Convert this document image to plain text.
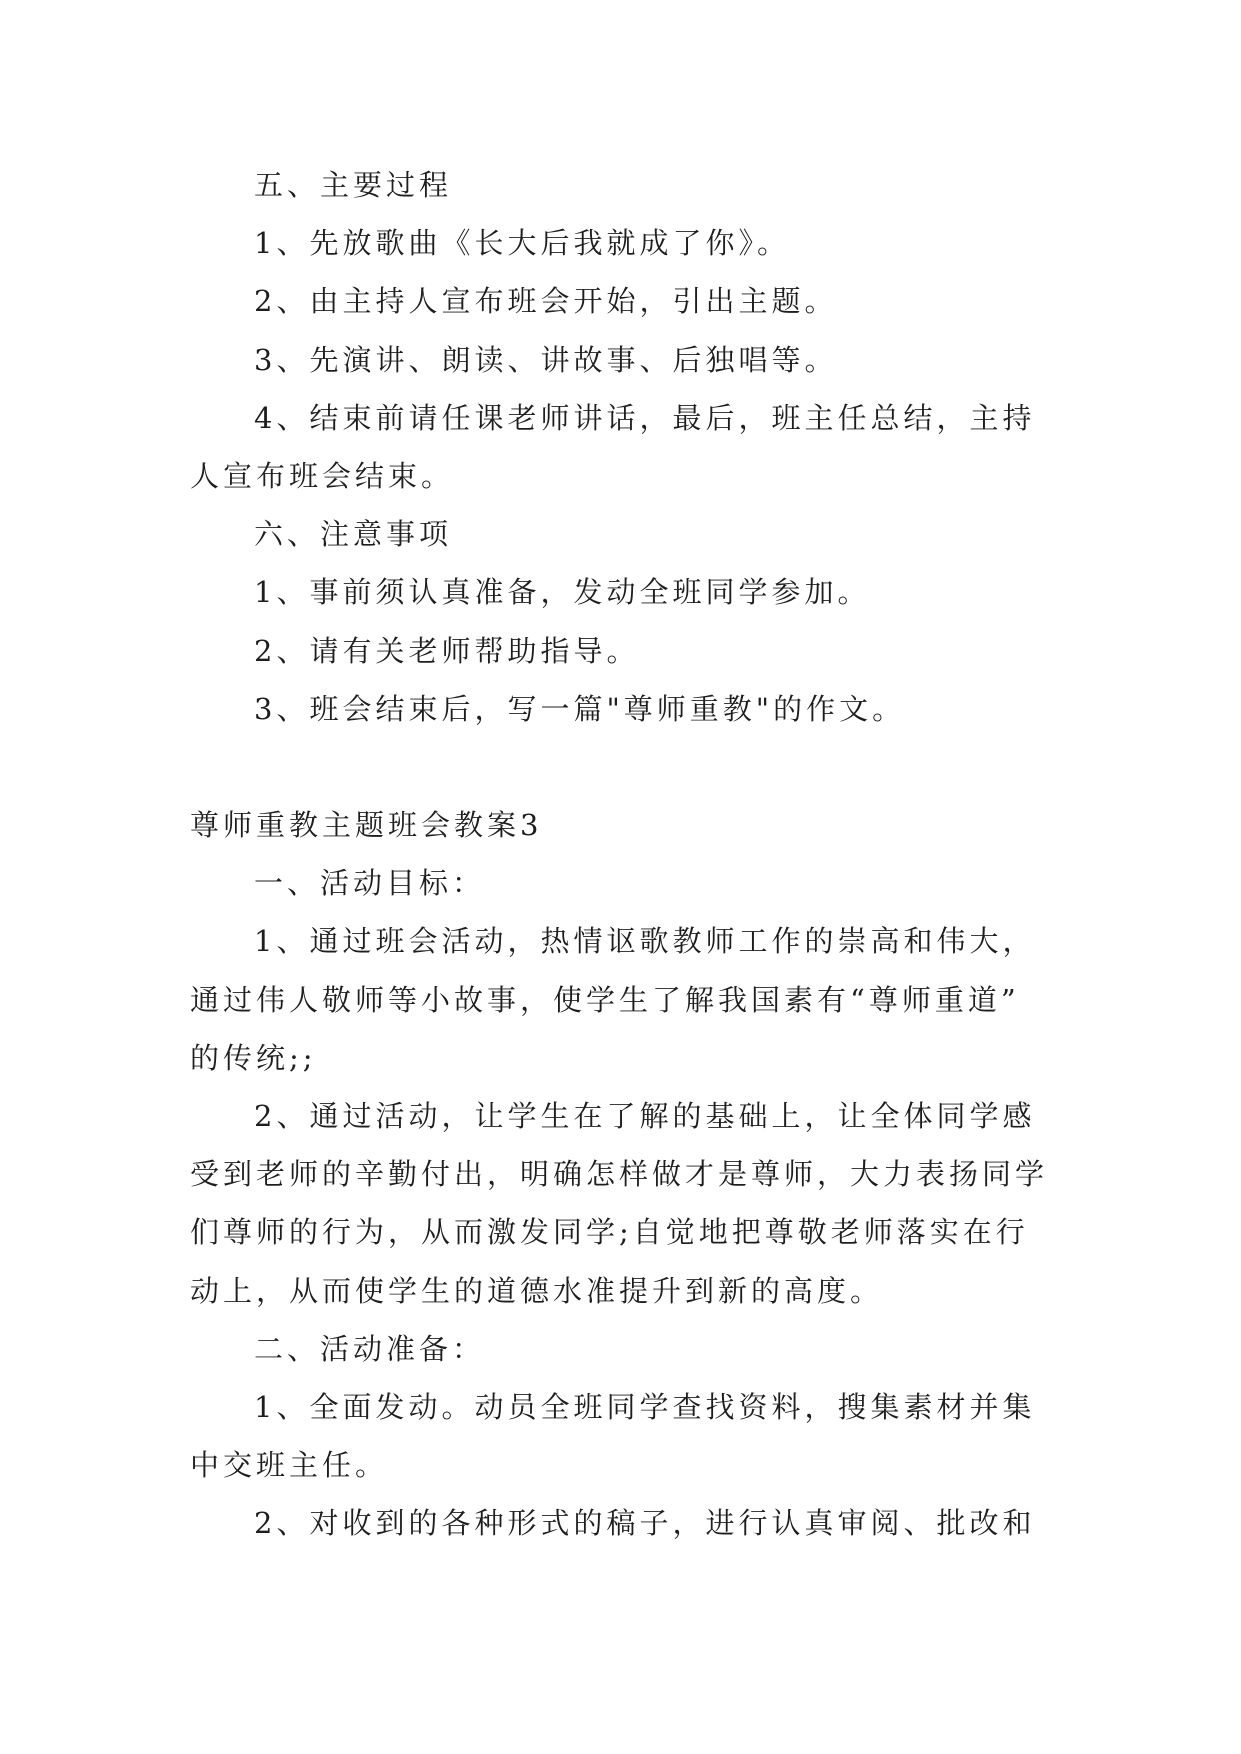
五、主要过程
1、先放歌曲《长大后我就成了你》。
2、由主持人宣布班会开始，引出主题。
3、先演讲、朗读、讲故事、后独唱等。
4、结束前请任课老师讲话，最后，班主任总结，主持
人宣布班会结束。
六、注意事项
1、事前须认真准备，发动全班同学参加。
2、请有关老师帮助指导。
3、班会结束后，写一篇"尊师重教"的作文。
尊师重教主题班会教案3
一、活动目标：
1、通过班会活动，热情讴歌教师工作的崇高和伟大，
通过伟人敬师等小故事，使学生了解我国素有“尊师重道”
的传统;;
2、通过活动，让学生在了解的基础上，让全体同学感
受到老师的辛勤付出，明确怎样做才是尊师，大力表扬同学
们尊师的行为，从而激发同学;自觉地把尊敬老师落实在行
动上，从而使学生的道德水准提升到新的高度。
二、活动准备：
1、全面发动。动员全班同学查找资料，搜集素材并集
中交班主任。
2、对收到的各种形式的稿子，进行认真审阅、批改和
